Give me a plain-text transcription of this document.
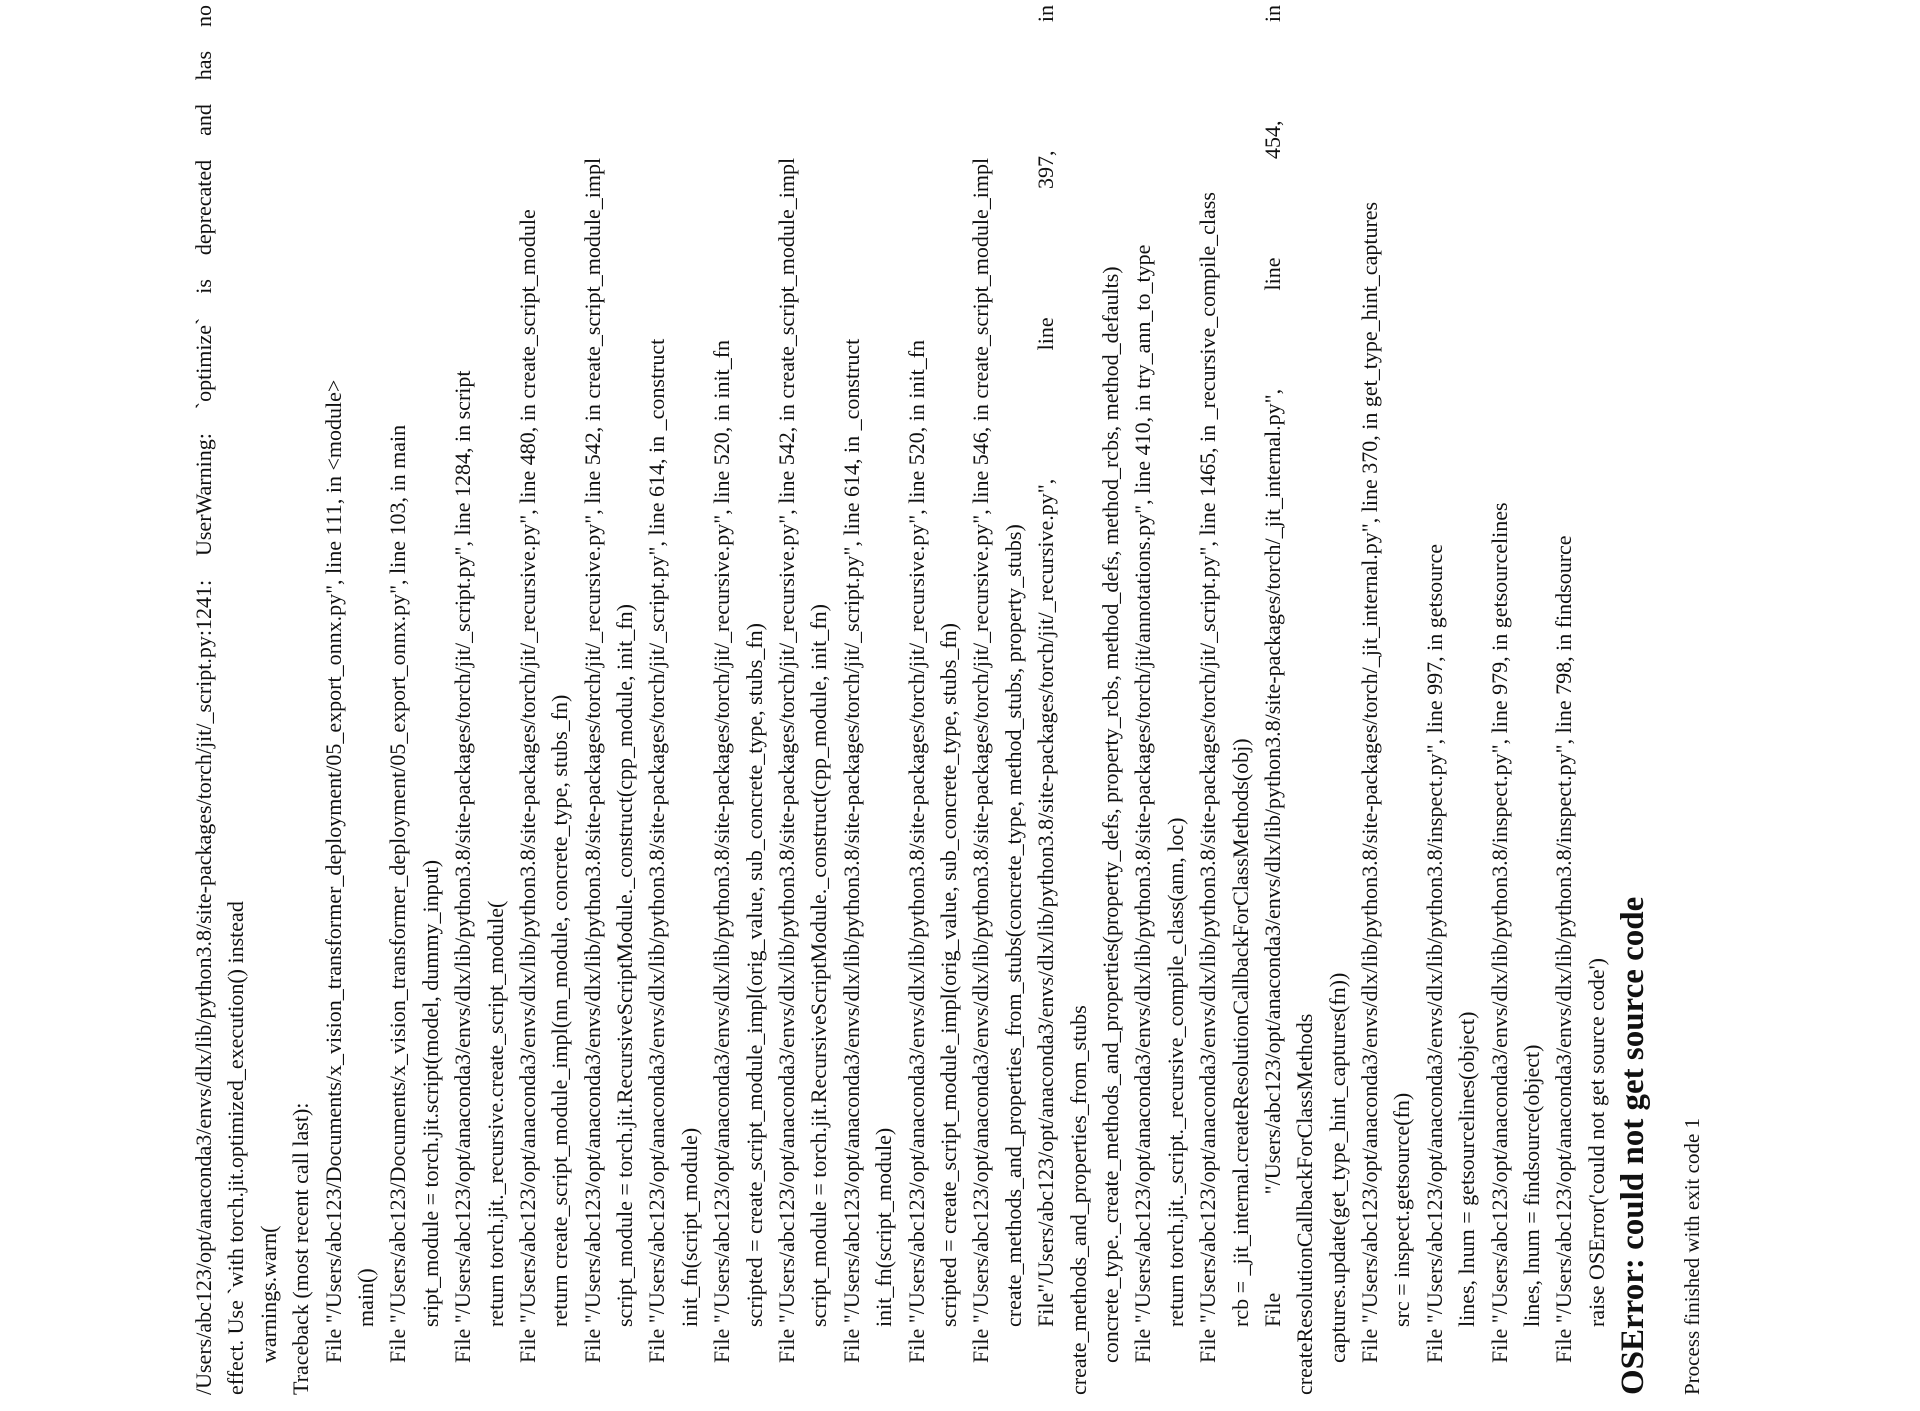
/Users/abc123/opt/anaconda3/envs/dlx/lib/python3.8/site-packages/torch/jit/_script.py:1241: UserWarning: `optimize` is deprecated and has no effect. Use `with torch.jit.optimized_execution() instead warnings.warn( Traceback (most recent call last): File "/Users/abc123/Documents/x_vision_transformer_deployment/05_export_onnx.py", line 111, in <module> main() File "/Users/abc123/Documents/x_vision_transformer_deployment/05_export_onnx.py", line 103, in main sript_module = torch.jit.script(model, dummy_input) File "/Users/abc123/opt/anaconda3/envs/dlx/lib/python3.8/site-packages/torch/jit/_script.py", line 1284, in script return torch.jit._recursive.create_script_module( File "/Users/abc123/opt/anaconda3/envs/dlx/lib/python3.8/site-packages/torch/jit/_recursive.py", line 480, in create_script_module return create_script_module_impl(nn_module, concrete_type, stubs_fn) File "/Users/abc123/opt/anaconda3/envs/dlx/lib/python3.8/site-packages/torch/jit/_recursive.py", line 542, in create_script_module_impl script_module = torch.jit.RecursiveScriptModule._construct(cpp_module, init_fn) File "/Users/abc123/opt/anaconda3/envs/dlx/lib/python3.8/site-packages/torch/jit/_script.py", line 614, in _construct init_fn(script_module) File "/Users/abc123/opt/anaconda3/envs/dlx/lib/python3.8/site-packages/torch/jit/_recursive.py", line 520, in init_fn scripted = create_script_module_impl(orig_value, sub_concrete_type, stubs_fn) File "/Users/abc123/opt/anaconda3/envs/dlx/lib/python3.8/site-packages/torch/jit/_recursive.py", line 542, in create_script_module_impl script_module = torch.jit.RecursiveScriptModule._construct(cpp_module, init_fn) File "/Users/abc123/opt/anaconda3/envs/dlx/lib/python3.8/site-packages/torch/jit/_script.py", line 614, in _construct init_fn(script_module) File "/Users/abc123/opt/anaconda3/envs/dlx/lib/python3.8/site-packages/torch/jit/_recursive.py", line 520, in init_fn scripted = create_script_module_impl(orig_value, sub_concrete_type, stubs_fn) File "/Users/abc123/opt/anaconda3/envs/dlx/lib/python3.8/site-packages/torch/jit/_recursive.py", line 546, in create_script_module_impl create_methods_and_properties_from_stubs(concrete_type, method_stubs, property_stubs) File"/Users/abc123/opt/anaconda3/envs/dlx/lib/python3.8/site-packages/torch/jit/_recursive.py", line 397, in create_methods_and_properties_from_stubs concrete_type._create_methods_and_properties(property_defs, property_rcbs, method_defs, method_rcbs, method_defaults) File "/Users/abc123/opt/anaconda3/envs/dlx/lib/python3.8/site-packages/torch/jit/annotations.py", line 410, in try_ann_to_type return torch.jit._script._recursive_compile_class(ann, loc) File "/Users/abc123/opt/anaconda3/envs/dlx/lib/python3.8/site-packages/torch/jit/_script.py", line 1465, in _recursive_compile_class rcb = _jit_internal.createResolutionCallbackForClassMethods(obj) File "/Users/abc123/opt/anaconda3/envs/dlx/lib/python3.8/site-packages/torch/_jit_internal.py", line 454, in createResolutionCallbackForClassMethods captures.update(get_type_hint_captures(fn)) File "/Users/abc123/opt/anaconda3/envs/dlx/lib/python3.8/site-packages/torch/_jit_internal.py", line 370, in get_type_hint_captures src = inspect.getsource(fn) File "/Users/abc123/opt/anaconda3/envs/dlx/lib/python3.8/inspect.py", line 997, in getsource lines, lnum = getsourcelines(object) File "/Users/abc123/opt/anaconda3/envs/dlx/lib/python3.8/inspect.py", line 979, in getsourcelines lines, lnum = findsource(object) File "/Users/abc123/opt/anaconda3/envs/dlx/lib/python3.8/inspect.py", line 798, in findsource raise OSError('could not get source code') OSError: could not get source code Process finished with exit code 1
